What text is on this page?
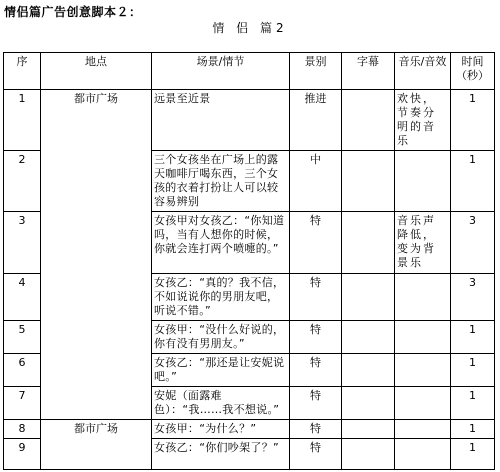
情侣篇广告创意脚本２：
情 侣 篇2
序	地点	场景/情节	景别	字幕	音乐/音效	时间（秒）
1	都市广场	远景至近景	推进		欢快，节奏分明的音乐	1
2		三个女孩坐在广场上的露天咖啡厅喝东西，三个女孩的衣着打扮让人可以较容易辨别	中			1
3		女孩甲对女孩乙：“你知道吗，当有人想你的时候，你就会连打两个喷嚏的。”	特		音乐声降低，变为背景乐	3
4		女孩乙：“真的？我不信，不如说说你的男朋友吧，听说不错。”	特			3
5		女孩甲：“没什么好说的，你有没有男朋友。”	特			1
6		女孩乙：“那还是让安妮说吧。”	特			1
7		安妮（面露难色）：“我……我不想说。”	特			1
8	都市广场	女孩甲：“为什么？”	特			1
9		女孩乙：“你们吵架了？”	特			1
